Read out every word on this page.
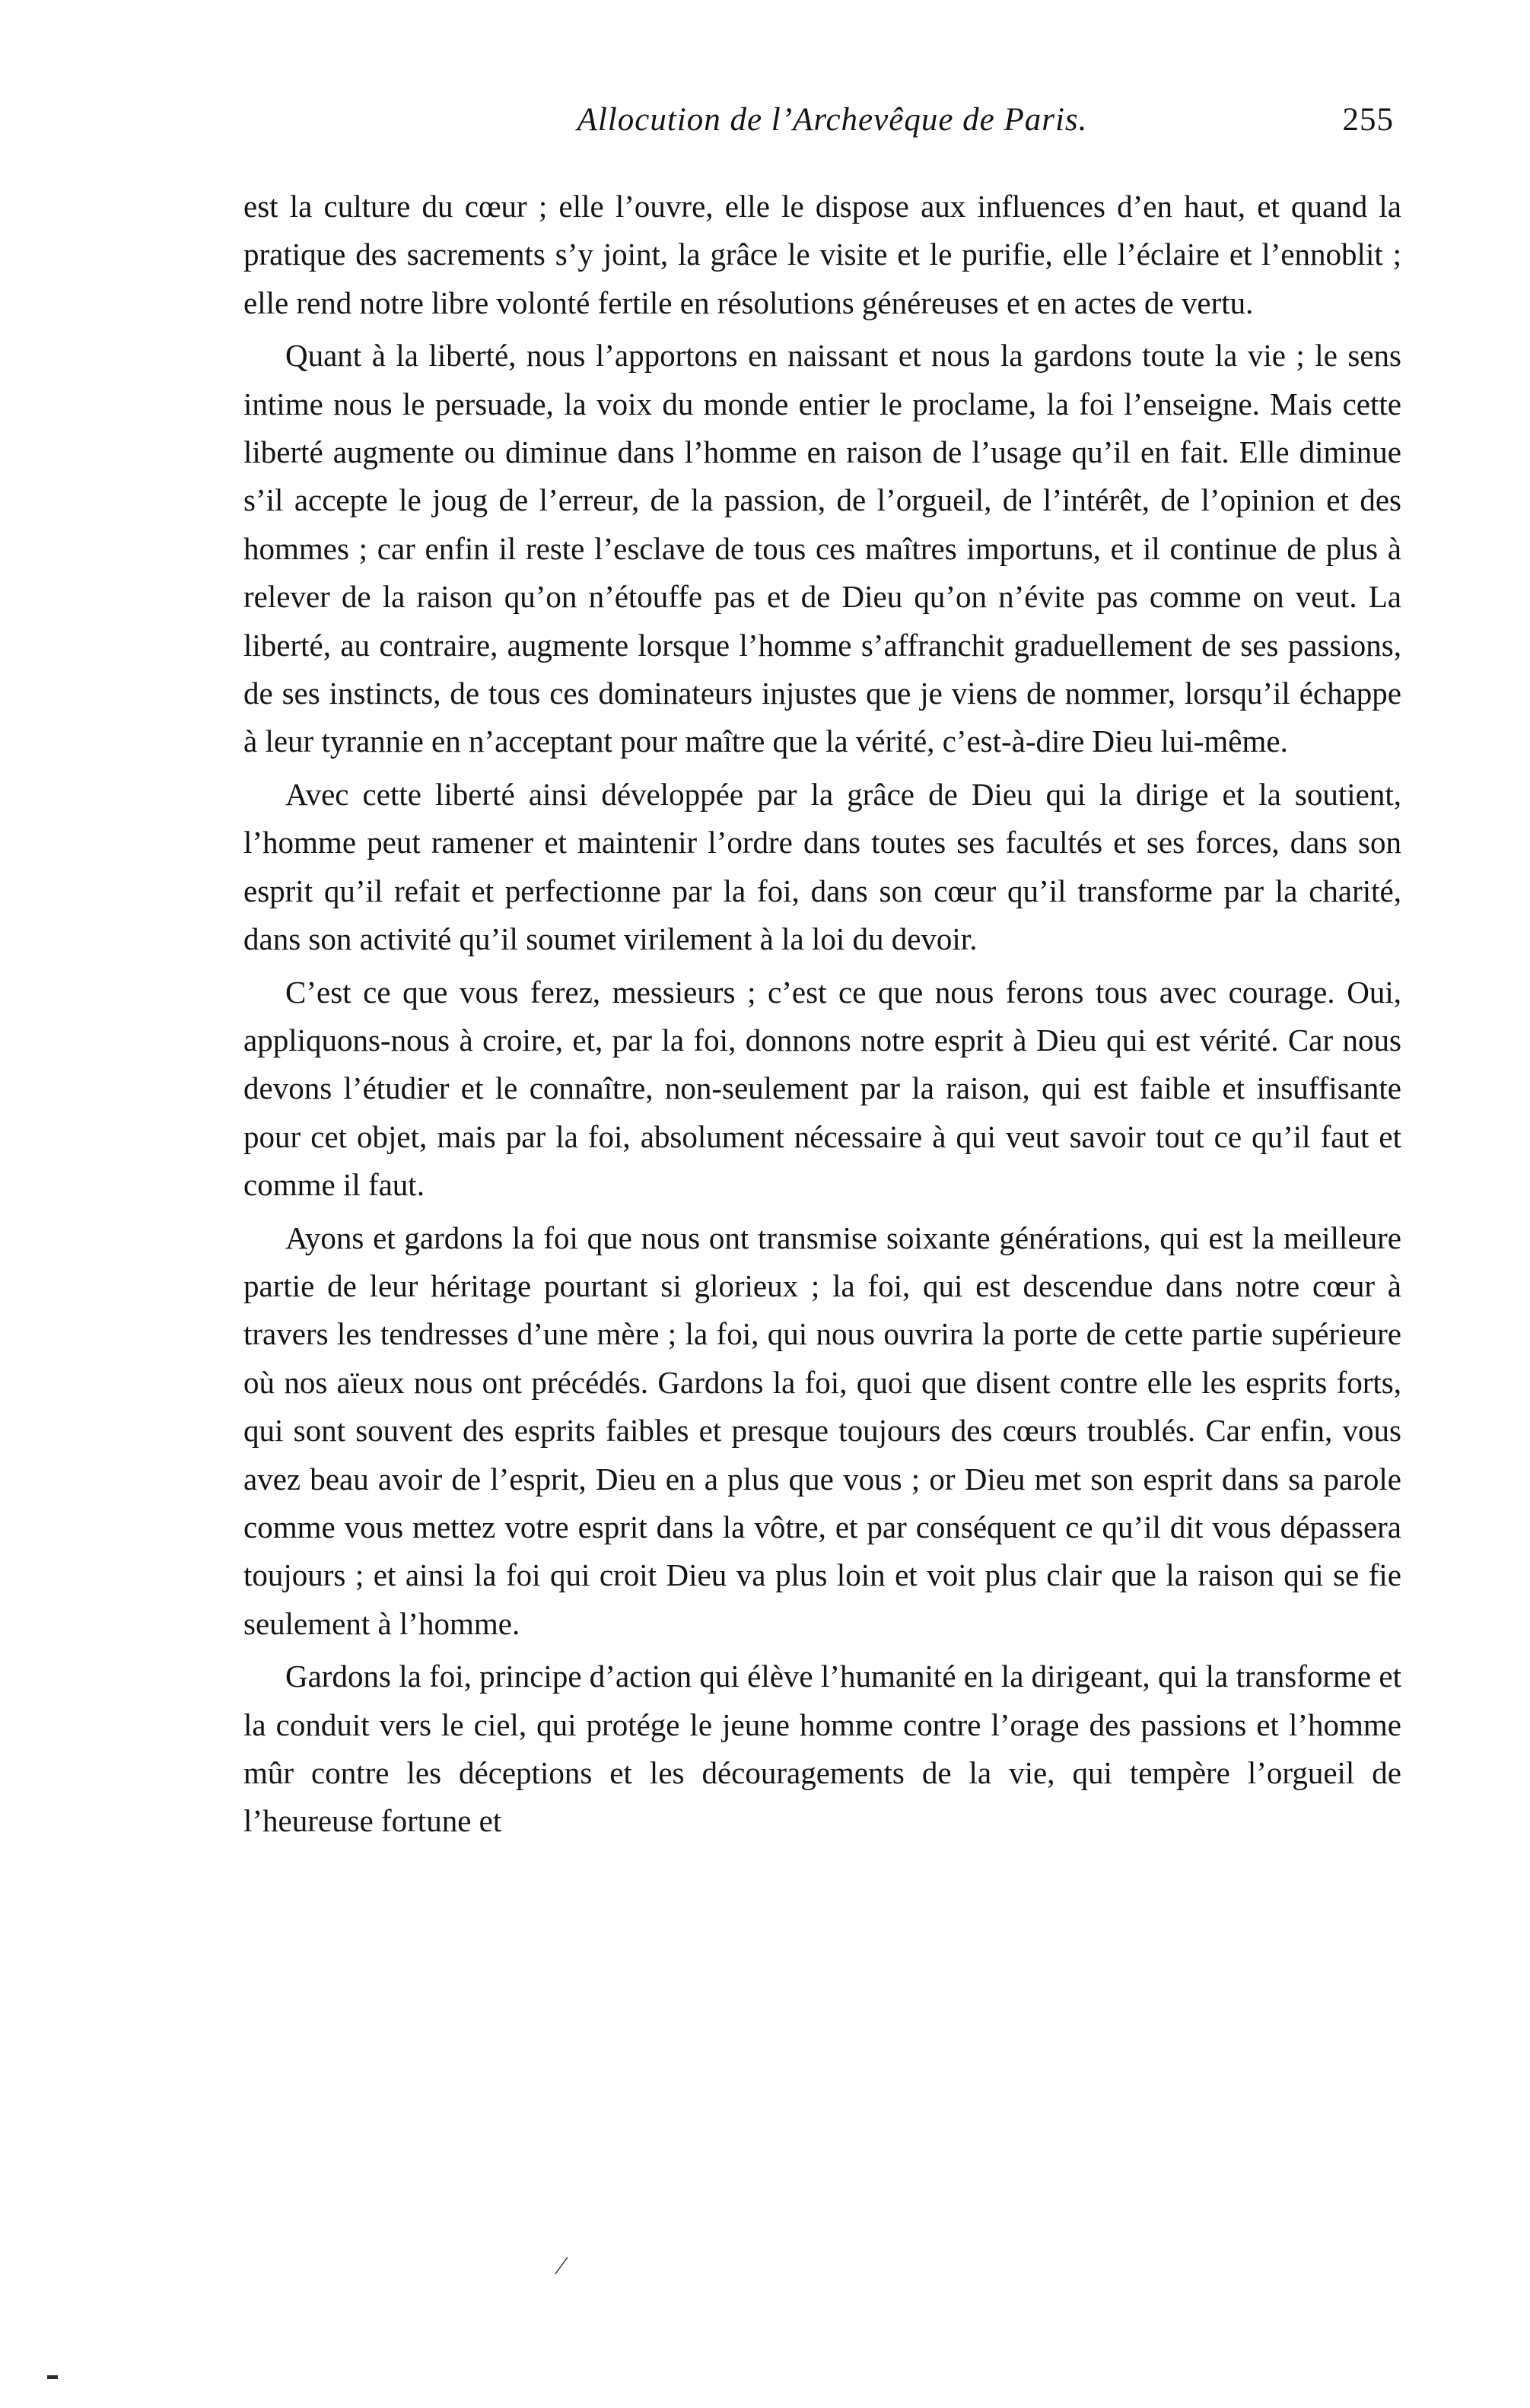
Allocution de l’Archevêque de Paris.	255

est la culture du cœur ; elle l’ouvre, elle le dispose aux influences d’en haut, et quand la pratique des sacrements s’y joint, la grâce le visite et le purifie, elle l’éclaire et l’ennoblit ; elle rend notre libre volonté fertile en résolutions généreuses et en actes de vertu.

Quant à la liberté, nous l’apportons en naissant et nous la gardons toute la vie ; le sens intime nous le persuade, la voix du monde entier le proclame, la foi l’enseigne. Mais cette liberté augmente ou diminue dans l’homme en raison de l’usage qu’il en fait. Elle diminue s’il accepte le joug de l’erreur, de la passion, de l’orgueil, de l’intérêt, de l’opinion et des hommes ; car enfin il reste l’esclave de tous ces maîtres importuns, et il continue de plus à relever de la raison qu’on n’étouffe pas et de Dieu qu’on n’évite pas comme on veut. La liberté, au contraire, augmente lorsque l’homme s’affranchit graduellement de ses passions, de ses instincts, de tous ces dominateurs injustes que je viens de nommer, lorsqu’il échappe à leur tyrannie en n’acceptant pour maître que la vérité, c’est-à-dire Dieu lui-même.

Avec cette liberté ainsi développée par la grâce de Dieu qui la dirige et la soutient, l’homme peut ramener et maintenir l’ordre dans toutes ses facultés et ses forces, dans son esprit qu’il refait et perfectionne par la foi, dans son cœur qu’il transforme par la charité, dans son activité qu’il soumet virilement à la loi du devoir.

C’est ce que vous ferez, messieurs ; c’est ce que nous ferons tous avec courage. Oui, appliquons-nous à croire, et, par la foi, donnons notre esprit à Dieu qui est vérité. Car nous devons l’étudier et le connaître, non-seulement par la raison, qui est faible et insuffisante pour cet objet, mais par la foi, absolument nécessaire à qui veut savoir tout ce qu’il faut et comme il faut.

Ayons et gardons la foi que nous ont transmise soixante générations, qui est la meilleure partie de leur héritage pourtant si glorieux ; la foi, qui est descendue dans notre cœur à travers les tendresses d’une mère ; la foi, qui nous ouvrira la porte de cette partie supérieure où nos aïeux nous ont précédés. Gardons la foi, quoi que disent contre elle les esprits forts, qui sont souvent des esprits faibles et presque toujours des cœurs troublés. Car enfin, vous avez beau avoir de l’esprit, Dieu en a plus que vous ; or Dieu met son esprit dans sa parole comme vous mettez votre esprit dans la vôtre, et par conséquent ce qu’il dit vous dépassera toujours ; et ainsi la foi qui croit Dieu va plus loin et voit plus clair que la raison qui se fie seulement à l’homme.

Gardons la foi, principe d’action qui élève l’humanité en la dirigeant, qui la transforme et la conduit vers le ciel, qui protége le jeune homme contre l’orage des passions et l’homme mûr contre les déceptions et les découragements de la vie, qui tempère l’orgueil de l’heureuse fortune et

⁄
